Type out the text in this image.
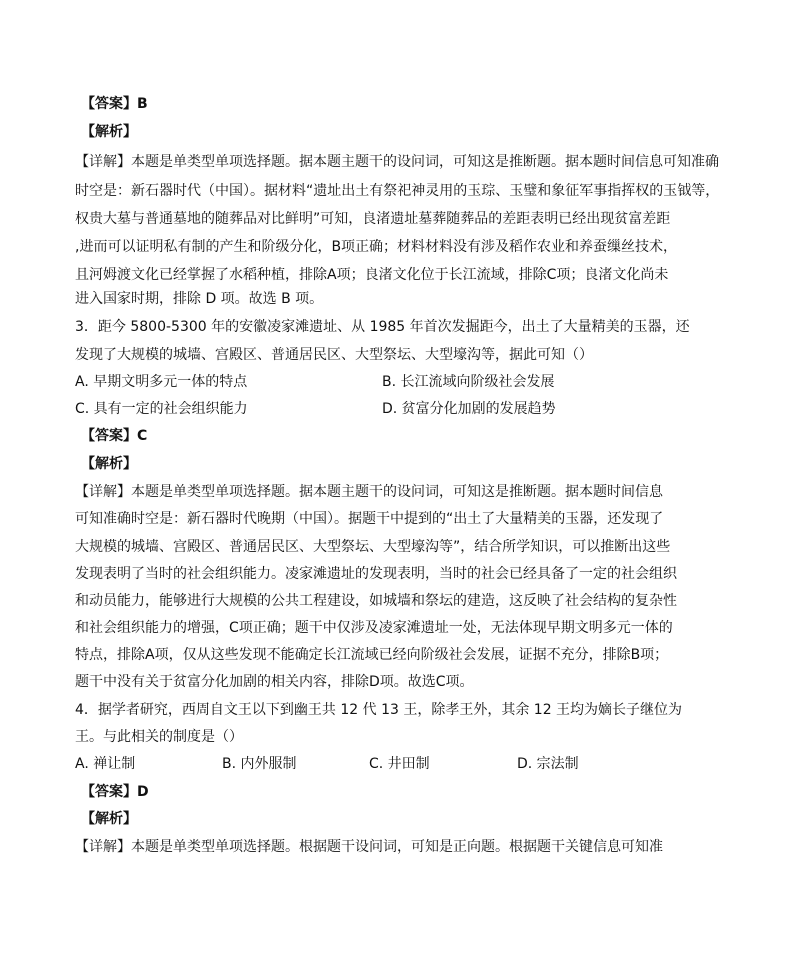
【答案】B
【解析】
【详解】本题是单类型单项选择题。据本题主题干的设问词，可知这是推断题。据本题时间信息可知准确
时空是：新石器时代（中国）。据材料“遗址出土有祭祀神灵用的玉琮、玉璧和象征军事指挥权的玉钺等，
权贵大墓与普通墓地的随葬品对比鲜明”可知，良渚遗址墓葬随葬品的差距表明已经出现贫富差距
,进而可以证明私有制的产生和阶级分化，B项正确；材料材料没有涉及稻作农业和养蚕缫丝技术，
且河姆渡文化已经掌握了水稻种植，排除A项；良渚文化位于长江流域，排除C项；良渚文化尚未
进入国家时期，排除 D 项。故选 B 项。
3．距今 5800-5300 年的安徽凌家滩遗址、从 1985 年首次发掘距今，出土了大量精美的玉器，还
发现了大规模的城墙、宫殿区、普通居民区、大型祭坛、大型壕沟等，据此可知（）
A. 早期文明多元一体的特点	B. 长江流域向阶级社会发展
C. 具有一定的社会组织能力	D. 贫富分化加剧的发展趋势
【答案】C
【解析】
【详解】本题是单类型单项选择题。据本题主题干的设问词，可知这是推断题。据本题时间信息
可知准确时空是：新石器时代晚期（中国）。据题干中提到的“出土了大量精美的玉器，还发现了
大规模的城墙、宫殿区、普通居民区、大型祭坛、大型壕沟等”，结合所学知识，可以推断出这些
发现表明了当时的社会组织能力。凌家滩遗址的发现表明，当时的社会已经具备了一定的社会组织
和动员能力，能够进行大规模的公共工程建设，如城墙和祭坛的建造，这反映了社会结构的复杂性
和社会组织能力的增强，C项正确；题干中仅涉及凌家滩遗址一处，无法体现早期文明多元一体的
特点，排除A项，仅从这些发现不能确定长江流域已经向阶级社会发展，证据不充分，排除B项；
题干中没有关于贫富分化加剧的相关内容，排除D项。故选C项。
4．据学者研究，西周自文王以下到幽王共 12 代 13 王，除孝王外，其余 12 王均为嫡长子继位为
王。与此相关的制度是（）
A. 禅让制	B. 内外服制	C. 井田制	D. 宗法制
【答案】D
【解析】
【详解】本题是单类型单项选择题。根据题干设问词，可知是正向题。根据题干关键信息可知准
